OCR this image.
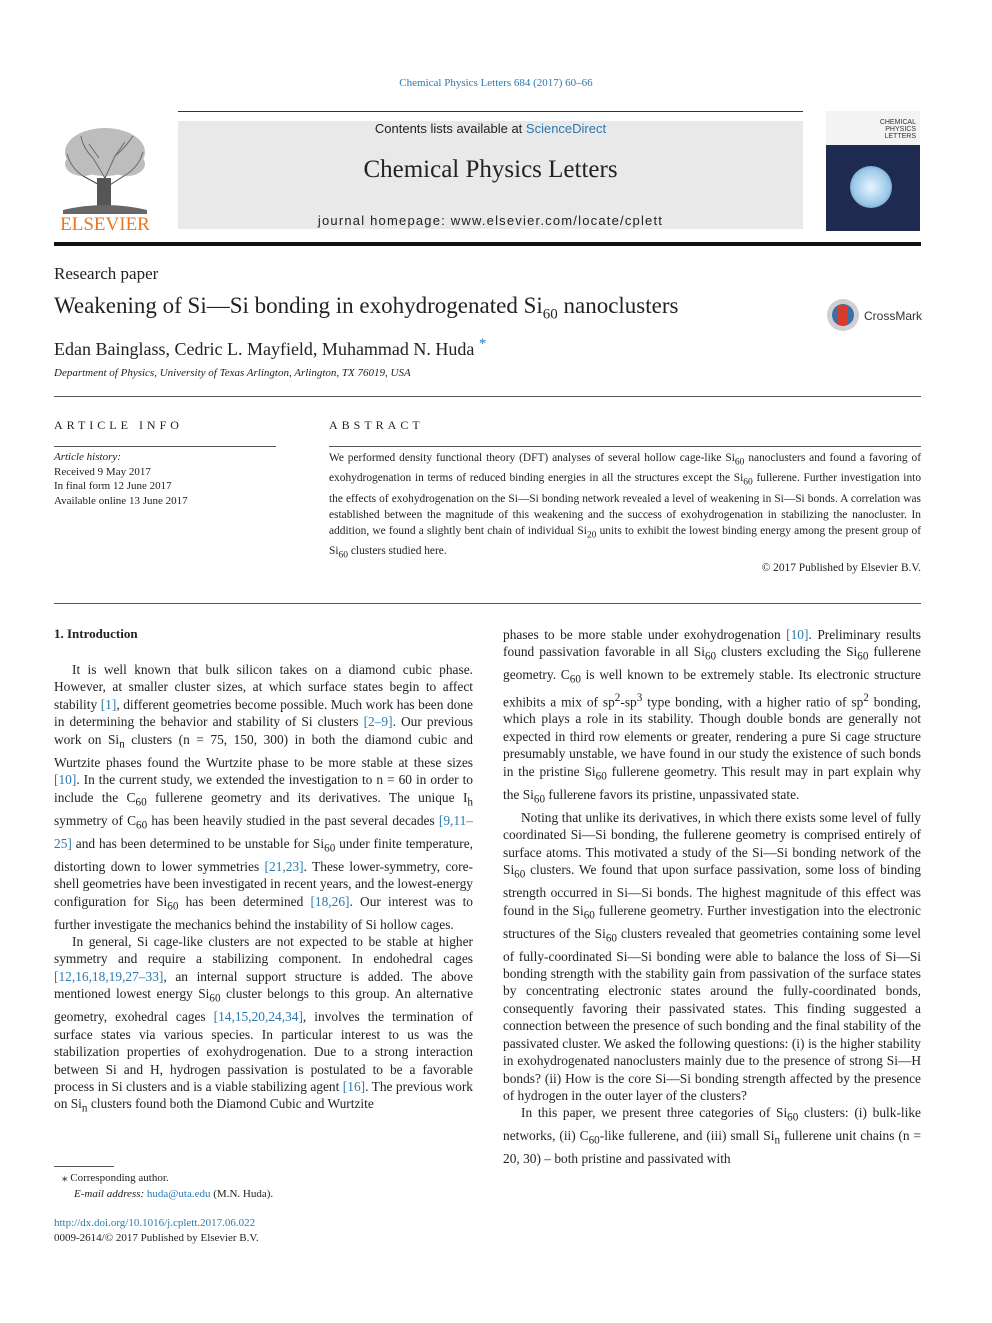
Chemical Physics Letters 684 (2017) 60–66
ELSEVIER
Contents lists available at ScienceDirect
Chemical Physics Letters
journal homepage: www.elsevier.com/locate/cplett
CHEMICAL
PHYSICS
LETTERS
Research paper
Weakening of Si—Si bonding in exohydrogenated $Si_{60}$ nanoclusters	CrossMark
Edan Bainglass, Cedric L. Mayfield, Muhammad N. Huda *
Department of Physics, University of Texas Arlington, Arlington, TX 76019, USA
ARTICLE INFO	ABSTRACT
Article history:
Received 9 May 2017
In final form 12 June 2017
Available online 13 June 2017
We performed density functional theory (DFT) analyses of several hollow cage-like $Si_{60}$ nanoclusters and found a favoring of exohydrogenation in terms of reduced binding energies in all the structures except the $Si_{60}$ fullerene. Further investigation into the effects of exohydrogenation on the Si—Si bonding network revealed a level of weakening in Si—Si bonds. A correlation was established between the magnitude of this weakening and the success of exohydrogenation in stabilizing the nanocluster. In addition, we found a slightly bent chain of individual $Si_{20}$ units to exhibit the lowest binding energy among the present group of $Si_{60}$ clusters studied here.
© 2017 Published by Elsevier B.V.
1. Introduction

It is well known that bulk silicon takes on a diamond cubic phase. However, at smaller cluster sizes, at which surface states begin to affect stability [1], different geometries become possible. Much work has been done in determining the behavior and stability of Si clusters [2–9]. Our previous work on $Si_n$ clusters (n = 75, 150, 300) in both the diamond cubic and Wurtzite phases found the Wurtzite phase to be more stable at these sizes [10]. In the current study, we extended the investigation to n = 60 in order to include the $C_{60}$ fullerene geometry and its derivatives. The unique $I_h$ symmetry of $C_{60}$ has been heavily studied in the past several decades [9,11–25] and has been determined to be unstable for $Si_{60}$ under finite temperature, distorting down to lower symmetries [21,23]. These lower-symmetry, core-shell geometries have been investigated in recent years, and the lowest-energy configuration for $Si_{60}$ has been determined [18,26]. Our interest was to further investigate the mechanics behind the instability of Si hollow cages.

In general, Si cage-like clusters are not expected to be stable at higher symmetry and require a stabilizing component. In endohedral cages [12,16,18,19,27–33], an internal support structure is added. The above mentioned lowest energy $Si_{60}$ cluster belongs to this group. An alternative geometry, exohedral cages [14,15,20,24,34], involves the termination of surface states via various species. In particular interest to us was the stabilization properties of exohydrogenation. Due to a strong interaction between Si and H, hydrogen passivation is postulated to be a favorable process in Si clusters and is a viable stabilizing agent [16]. The previous work on $Si_n$ clusters found both the Diamond Cubic and Wurtzite

phases to be more stable under exohydrogenation [10]. Preliminary results found passivation favorable in all $Si_{60}$ clusters excluding the $Si_{60}$ fullerene geometry. $C_{60}$ is well known to be extremely stable. Its electronic structure exhibits a mix of $sp^2-sp^3$ type bonding, with a higher ratio of $sp^2$ bonding, which plays a role in its stability. Though double bonds are generally not expected in third row elements or greater, rendering a pure Si cage structure presumably unstable, we have found in our study the existence of such bonds in the pristine $Si_{60}$ fullerene geometry. This result may in part explain why the $Si_{60}$ fullerene favors its pristine, unpassivated state.

Noting that unlike its derivatives, in which there exists some level of fully coordinated Si—Si bonding, the fullerene geometry is comprised entirely of surface atoms. This motivated a study of the Si—Si bonding network of the $Si_{60}$ clusters. We found that upon surface passivation, some loss of binding strength occurred in Si—Si bonds. The highest magnitude of this effect was found in the $Si_{60}$ fullerene geometry. Further investigation into the electronic structures of the $Si_{60}$ clusters revealed that geometries containing some level of fully-coordinated Si—Si bonding were able to balance the loss of Si—Si bonding strength with the stability gain from passivation of the surface states by concentrating electronic states around the fully-coordinated bonds, consequently favoring their passivated states. This finding suggested a connection between the presence of such bonding and the final stability of the passivated cluster. We asked the following questions: (i) is the higher stability in exohydrogenated nanoclusters mainly due to the presence of strong Si—H bonds? (ii) How is the core Si—Si bonding strength affected by the presence of hydrogen in the outer layer of the clusters?

In this paper, we present three categories of $Si_{60}$ clusters: (i) bulk-like networks, (ii) $C_{60}$-like fullerene, and (iii) small $Si_n$ fullerene unit chains (n = 20, 30) – both pristine and passivated with

⁎ Corresponding author.
E-mail address: huda@uta.edu (M.N. Huda).
http://dx.doi.org/10.1016/j.cplett.2017.06.022
0009-2614/© 2017 Published by Elsevier B.V.
